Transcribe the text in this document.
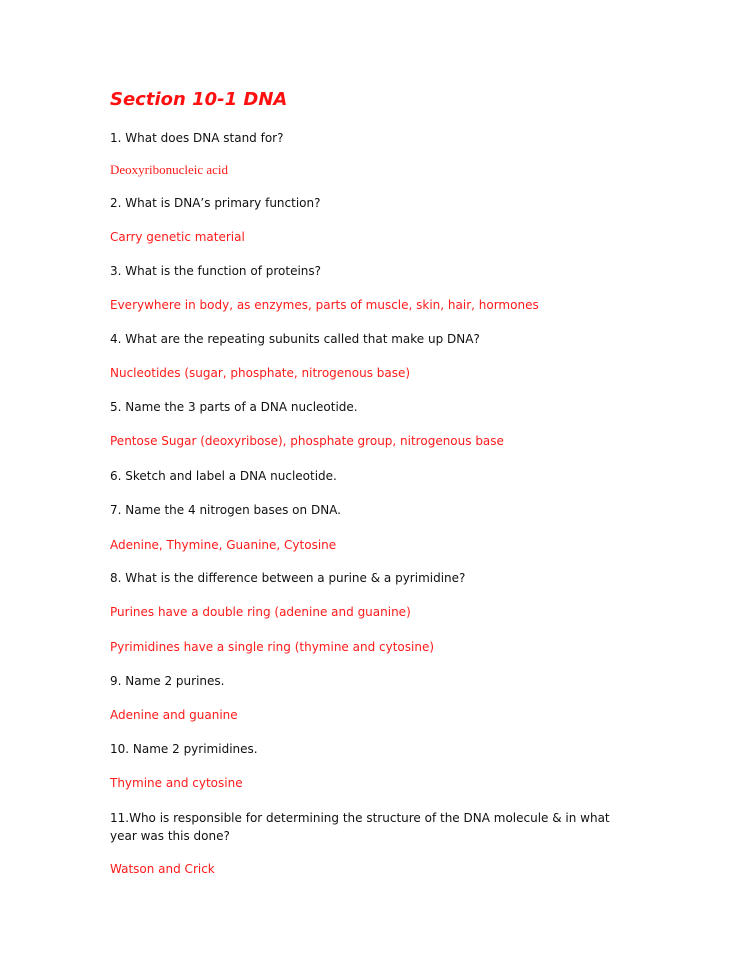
Section 10-1 DNA
1. What does DNA stand for?
Deoxyribonucleic acid
2. What is DNA’s primary function?
Carry genetic material
3. What is the function of proteins?
Everywhere in body, as enzymes, parts of muscle, skin, hair, hormones
4. What are the repeating subunits called that make up DNA?
Nucleotides (sugar, phosphate, nitrogenous base)
5. Name the 3 parts of a DNA nucleotide.
Pentose Sugar (deoxyribose), phosphate group, nitrogenous base
6. Sketch and label a DNA nucleotide.
7. Name the 4 nitrogen bases on DNA.
Adenine, Thymine, Guanine, Cytosine
8. What is the difference between a purine & a pyrimidine?
Purines have a double ring (adenine and guanine)
Pyrimidines have a single ring (thymine and cytosine)
9. Name 2 purines.
Adenine and guanine
10. Name 2 pyrimidines.
Thymine and cytosine
11.Who is responsible for determining the structure of the DNA molecule & in what year was this done?
Watson and Crick
